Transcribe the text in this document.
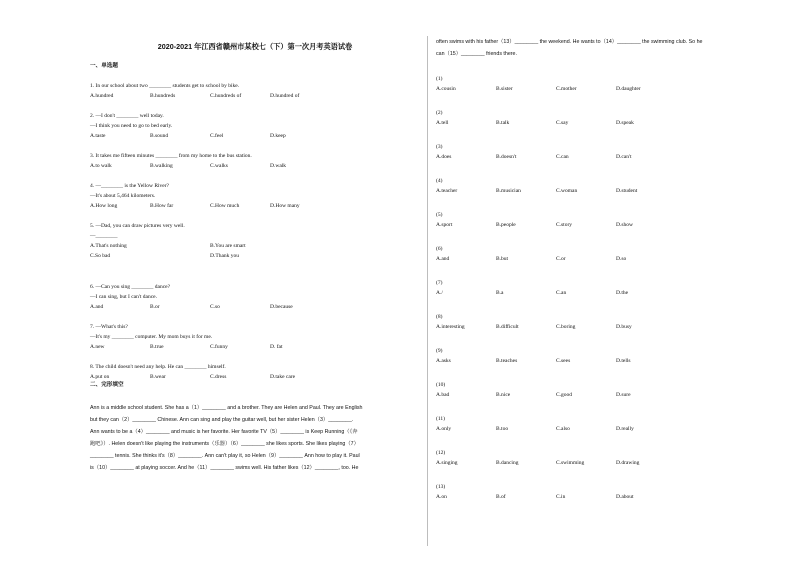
2020-2021 年江西省赣州市某校七（下）第一次月考英语试卷
一、单选题
1. In our school about two ________ students get to school by bike.
A.hundred	B.hundreds	C.hundreds of	D.hundred of
2. —I don't ________ well today.
—I think you need to go to bed early.
A.taste	B.sound	C.feel	D.keep
3. It takes me fifteen minutes ________ from my home to the bus station.
A.to walk	B.walking	C.walks	D.walk
4. —________ is the Yellow River?
—It's about 5,464 kilometers.
A.How long	B.How far	C.How much	D.How many
5. —Dad, you can draw pictures very well.
—________
A.That's nothing	B.You are smart
C.So bad	D.Thank you
6. —Can you sing ________ dance?
—I can sing, but I can't dance.
A.and	B.or	C.so	D.because
7. —What's this?
—It's my ________ computer. My mom buys it for me.
A.new	B.true	C.funny	D. fat
8. The child doesn't need any help. He can ________ himself.
A.put on	B.wear	C.dress	D.take care
二、完形填空

Ann is a middle school student. She has a（1）________ and a brother. They are Helen and Paul. They are English

but they can（2）________ Chinese. Ann can sing and play the guitar well, but her sister Helen（3）________.

Ann wants to be a（4）________ and music is her favorite. Her favorite TV（5）________ is Keep Running（《奔

跑吧》）. Helen doesn't like playing the instruments（乐器）（6）________ she likes sports. She likes playing（7）

________ tennis. She thinks it's（8）________. Ann can't play it, so Helen（9）________ Ann how to play it. Paul

is（10）________ at playing soccer. And he（11）________ swims well. His father likes（12）________, too. He

often swims with his father（13）________ the weekend. He wants to（14）________ the swimming club. So he

can（15）________ friends there.

(1)
A.cousin	B.sister	C.mother	D.daughter
(2)
A.tell	B.talk	C.say	D.speak
(3)
A.does	B.doesn't	C.can	D.can't
(4)
A.teacher	B.musician	C.woman	D.student
(5)
A.sport	B.people	C.story	D.show
(6)
A.and	B.but	C.or	D.so
(7)
A./	B.a	C.an	D.the
(8)
A.interesting	B.difficult	C.boring	D.busy
(9)
A.asks	B.teaches	C.sees	D.tells
(10)
A.bad	B.nice	C.good	D.sure
(11)
A.only	B.too	C.also	D.really
(12)
A.singing	B.dancing	C.swimming	D.drawing
(13)
A.on	B.of	C.in	D.about
